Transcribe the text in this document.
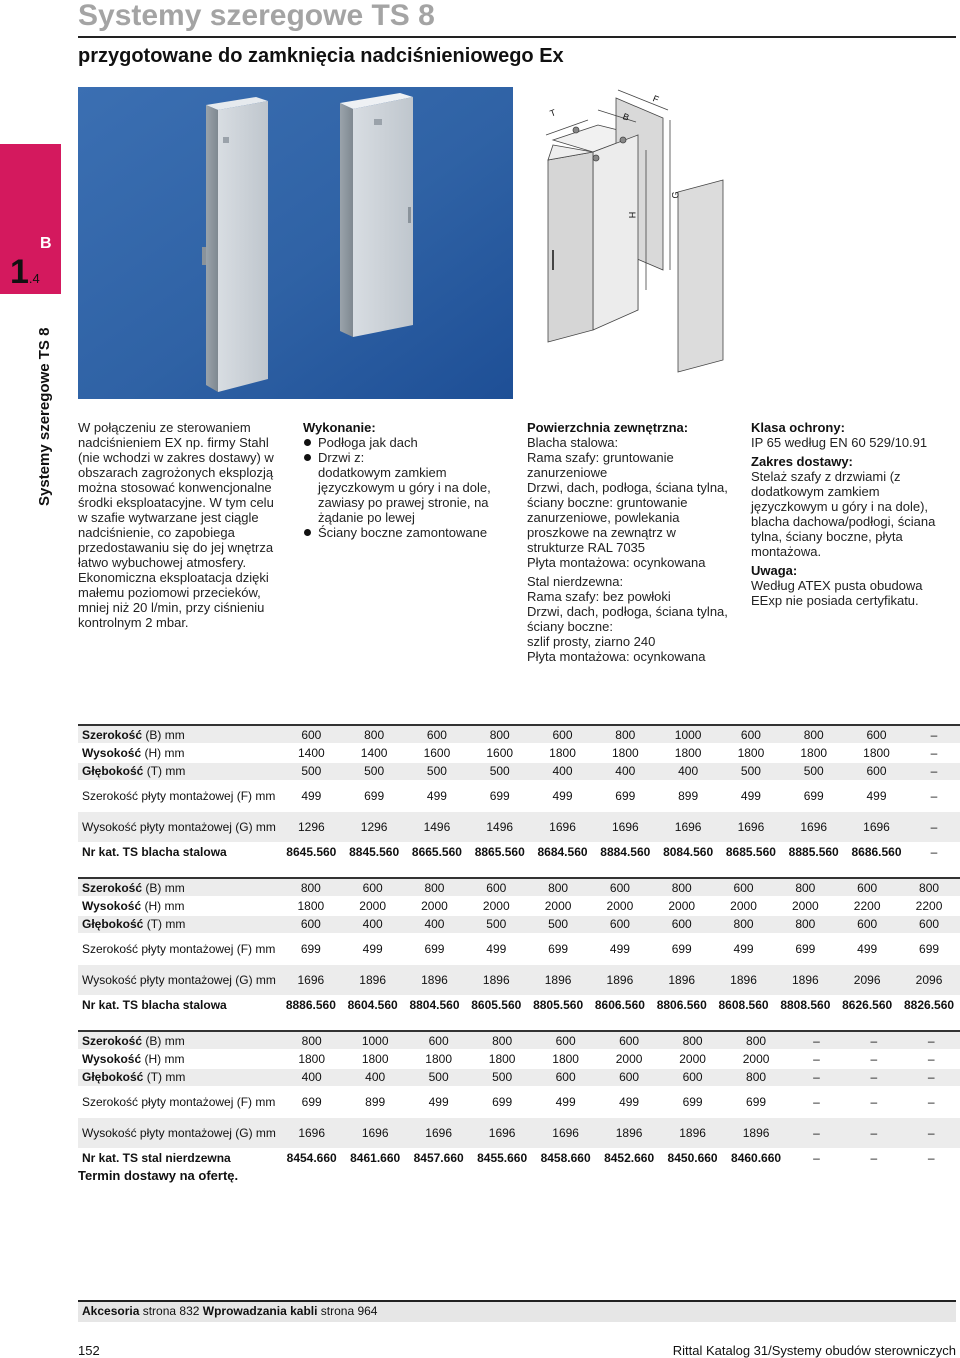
Systemy szeregowe TS 8
przygotowane do zamknięcia nadciśnieniowego Ex
B
1.4
Systemy szeregowe TS 8
T	B
F
H
G

W połączeniu ze sterowaniem nadciśnieniem EX np. firmy Stahl (nie wchodzi w zakres dostawy) w obszarach zagrożonych eksplozją można stosować konwencjonalne środki eksploatacyjne. W tym celu w szafie wytwarzane jest ciągle nadciśnienie, co zapobiega przedostawaniu się do jej wnętrza łatwo wybuchowej atmosfery. Ekonomiczna eksploatacja dzięki małemu poziomowi przecieków, mniej niż 20 l/min, przy ciśnieniu kontrolnym 2 mbar.

Wykonanie:

Podłoga jak dach

Drzwi z:

dodatkowym zamkiem języczkowym u góry i na dole, zawiasy po prawej stronie, na żądanie po lewej

Ściany boczne zamontowane

Powierzchnia zewnętrzna:

Blacha stalowa:

Rama szafy: gruntowanie zanurzeniowe

Drzwi, dach, podłoga, ściana tylna, ściany boczne: gruntowanie zanurzeniowe, powlekania proszkowe na zewnątrz w strukturze RAL 7035

Płyta montażowa: ocynkowana

Stal nierdzewna:

Rama szafy: bez powłoki

Drzwi, dach, podłoga, ściana tylna, ściany boczne:

szlif prosty, ziarno 240

Płyta montażowa: ocynkowana

Klasa ochrony:

IP 65 według EN 60 529/10.91

Zakres dostawy:

Stelaż szafy z drzwiami (z dodatkowym zamkiem języczkowym u góry i na dole), blacha dachowa/podłogi, ściana tylna, ściany boczne, płyta montażowa.

Uwaga:

Według ATEX pusta obudowa EExp nie posiada certyfikatu.

Szerokość (B) mm	600	800	600	800	600	800	1000	600	800	600	–
Wysokość (H) mm	1400	1400	1600	1600	1800	1800	1800	1800	1800	1800	–
Głębokość (T) mm	500	500	500	500	400	400	400	500	500	600	–
Szerokość płyty montażowej (F) mm	499	699	499	699	499	699	899	499	699	499	–
Wysokość płyty montażowej (G) mm	1296	1296	1496	1496	1696	1696	1696	1696	1696	1696	–
Nr kat. TS blacha stalowa	8645.560	8845.560	8665.560	8865.560	8684.560	8884.560	8084.560	8685.560	8885.560	8686.560	–
Szerokość (B) mm	800	600	800	600	800	600	800	600	800	600	800
Wysokość (H) mm	1800	2000	2000	2000	2000	2000	2000	2000	2000	2200	2200
Głębokość (T) mm	600	400	400	500	500	600	600	800	800	600	600
Szerokość płyty montażowej (F) mm	699	499	699	499	699	499	699	499	699	499	699
Wysokość płyty montażowej (G) mm	1696	1896	1896	1896	1896	1896	1896	1896	1896	2096	2096
Nr kat. TS blacha stalowa	8886.560	8604.560	8804.560	8605.560	8805.560	8606.560	8806.560	8608.560	8808.560	8626.560	8826.560
Szerokość (B) mm	800	1000	600	800	600	600	800	800	–	–	–
Wysokość (H) mm	1800	1800	1800	1800	1800	2000	2000	2000	–	–	–
Głębokość (T) mm	400	400	500	500	600	600	600	800	–	–	–
Szerokość płyty montażowej (F) mm	699	899	499	699	499	499	699	699	–	–	–
Wysokość płyty montażowej (G) mm	1696	1696	1696	1696	1696	1896	1896	1896	–	–	–
Nr kat. TS stal nierdzewna	8454.660	8461.660	8457.660	8455.660	8458.660	8452.660	8450.660	8460.660	–	–	–
Termin dostawy na ofertę.
Akcesoria strona 832 Wprowadzania kabli strona 964
152	Rittal Katalog 31/Systemy obudów sterowniczych
